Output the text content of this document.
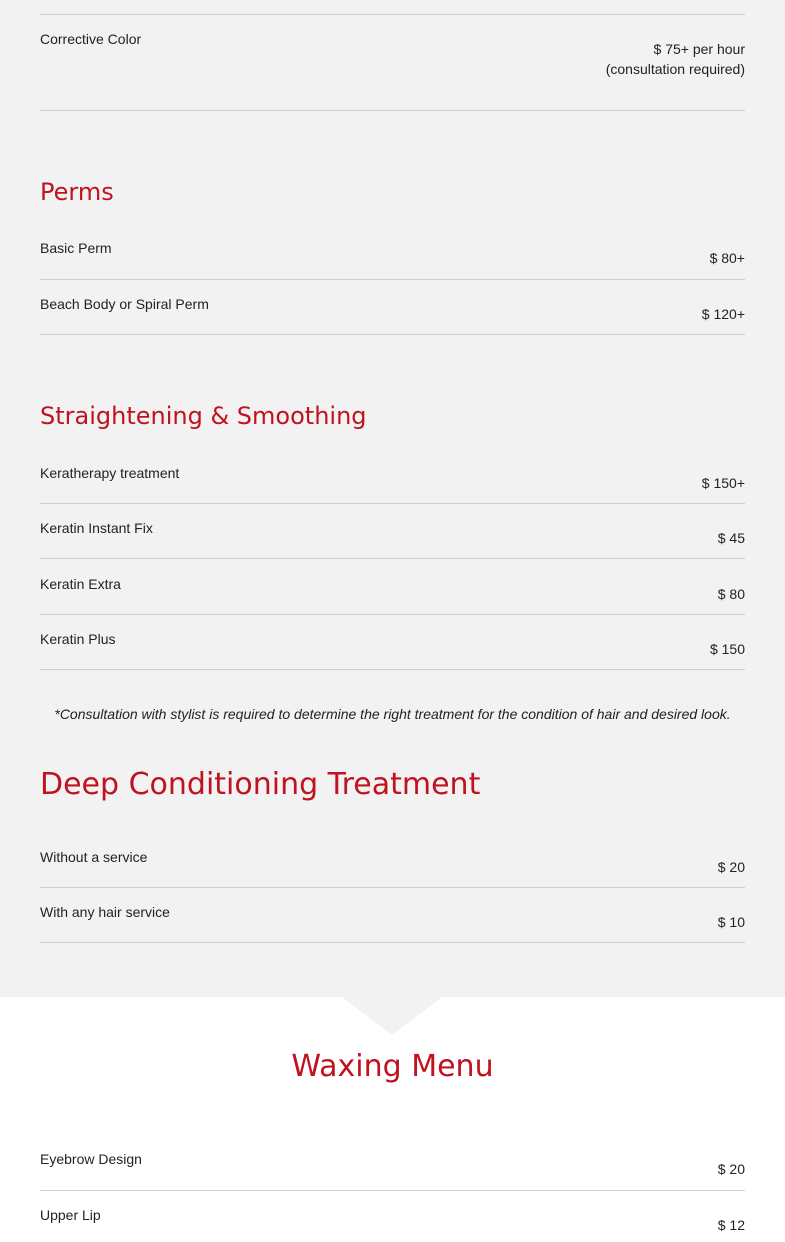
Corrective Color
$ 75+ per hour (consultation required)
Perms
Basic Perm
$ 80+
Beach Body or Spiral Perm
$ 120+
Straightening & Smoothing
Keratherapy treatment
$ 150+
Keratin Instant Fix
$ 45
Keratin Extra
$ 80
Keratin Plus
$ 150
*Consultation with stylist is required to determine the right treatment for the condition of hair and desired look.
Deep Conditioning Treatment
Without a service
$ 20
With any hair service
$ 10
Waxing Menu
Eyebrow Design
$ 20
Upper Lip
$ 12
